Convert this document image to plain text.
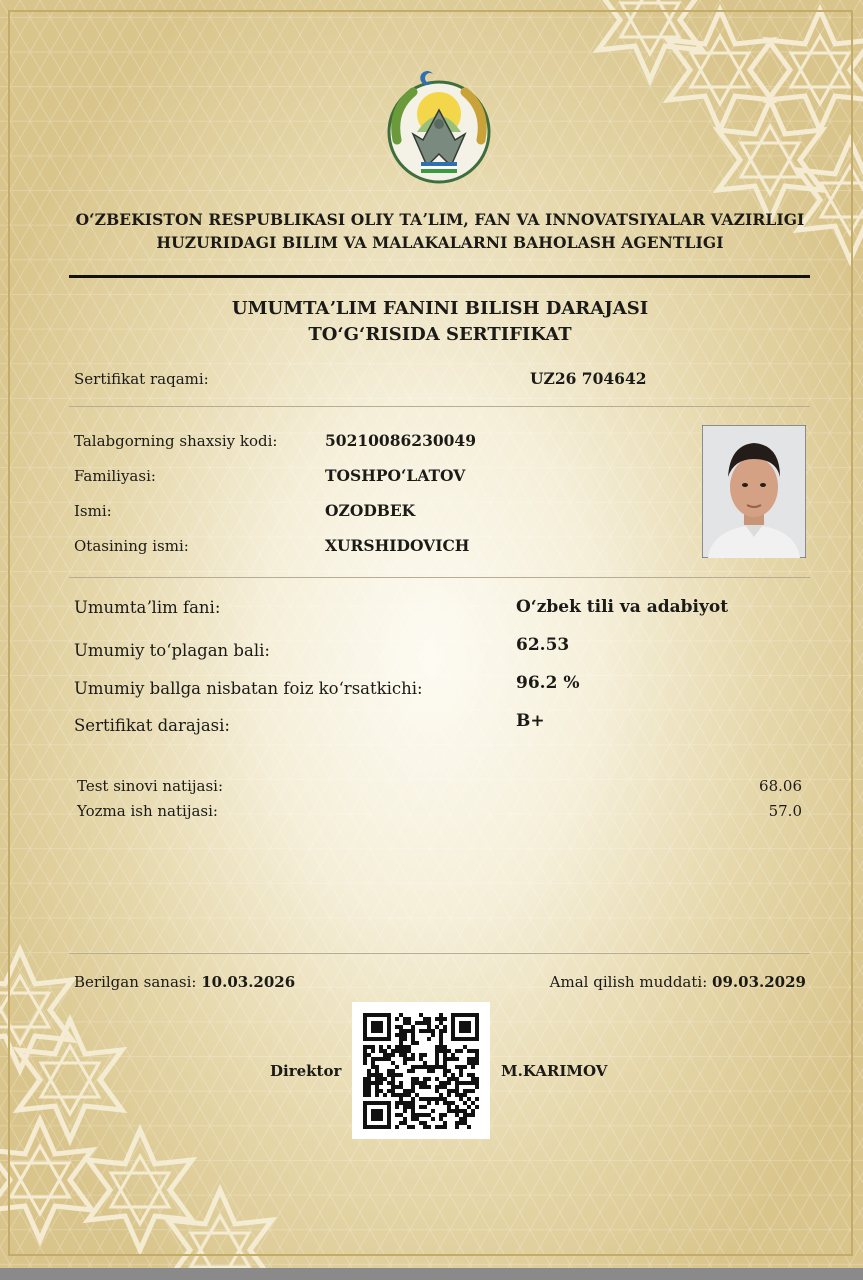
OʻZBEKISTON RESPUBLIKASI OLIY TAʼLIM, FAN VA INNOVATSIYALAR VAZIRLIGI
HUZURIDAGI BILIM VA MALAKALARNI BAHOLASH AGENTLIGI
UMUMTAʼLIM FANINI BILISH DARAJASI
TOʻGʻRISIDA SERTIFIKAT
Sertifikat raqami:	UZ26 704642
Talabgorning shaxsiy kodi:	50210086230049
Familiyasi:	TOSHPOʻLATOV
Ismi:	OZODBEK
Otasining ismi:	XURSHIDOVICH
Umumtaʼlim fani:	Oʻzbek tili va adabiyot
Umumiy toʻplagan bali:	62.53
Umumiy ballga nisbatan foiz koʻrsatkichi:	96.2 %
Sertifikat darajasi:	B+
Test sinovi natijasi:	68.06
Yozma ish natijasi:	57.0
Berilgan sanasi: 10.03.2026	Amal qilish muddati: 09.03.2029
Direktor	M.KARIMOV
